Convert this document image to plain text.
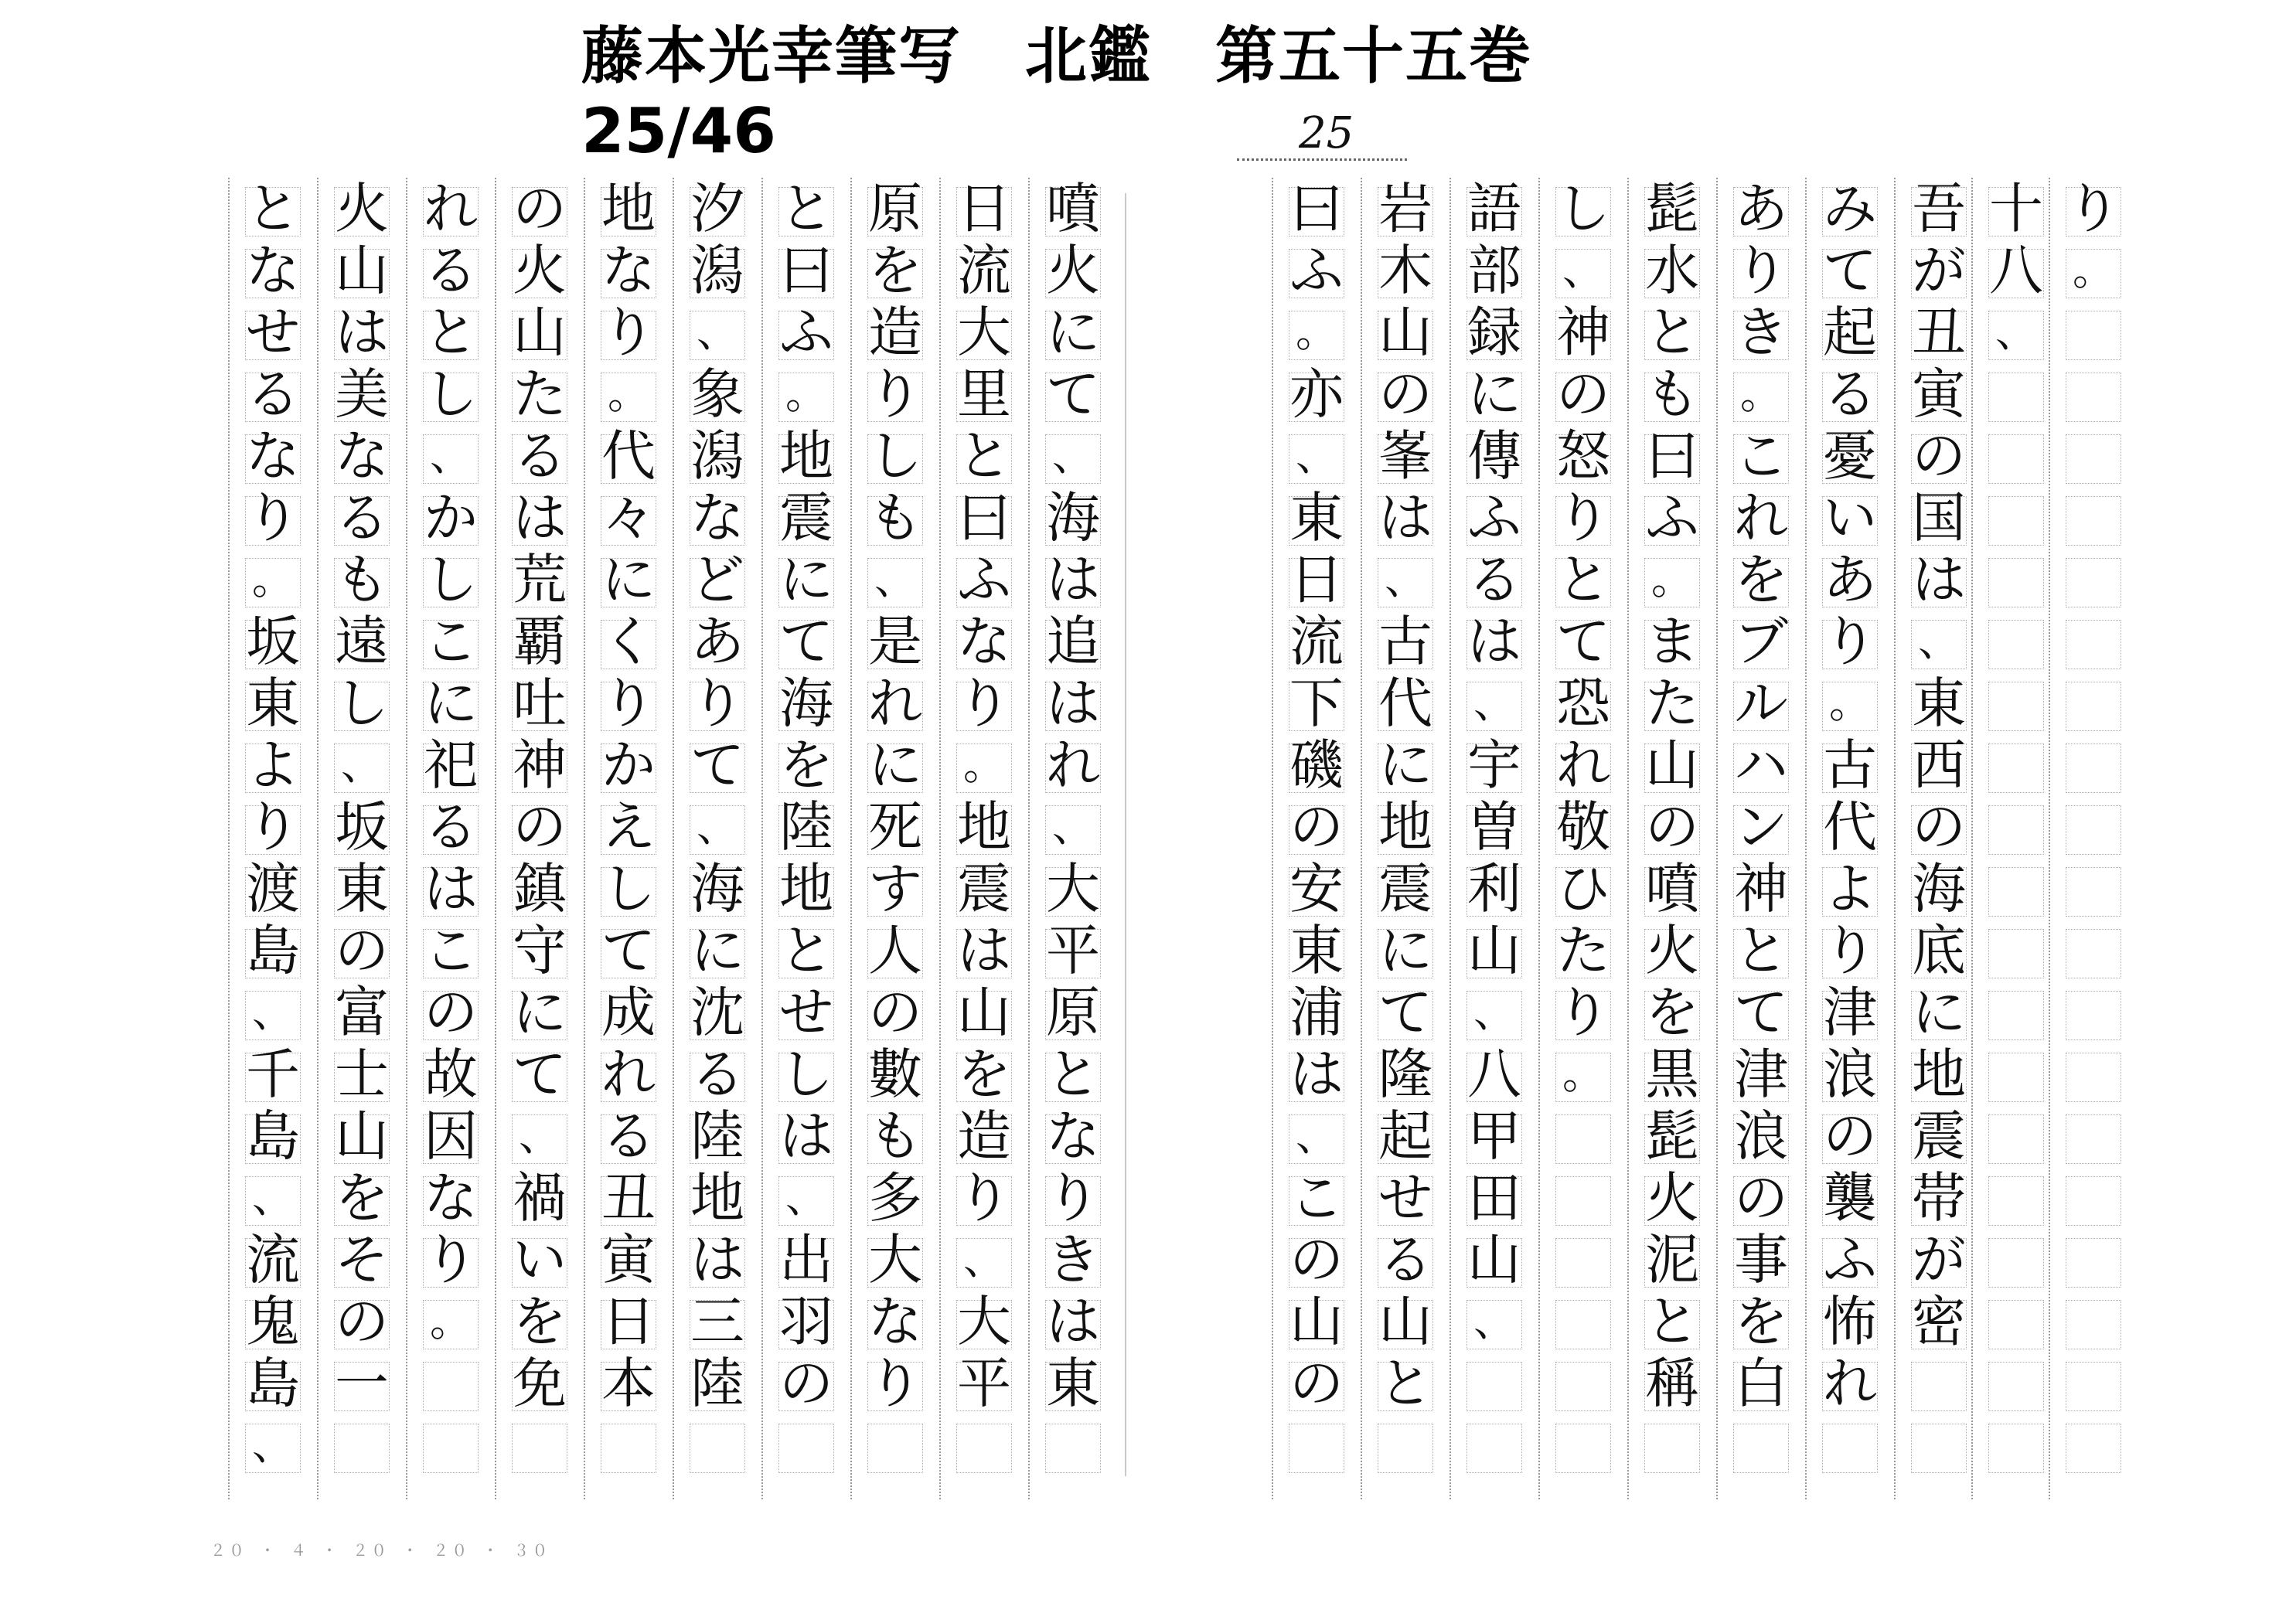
藤本光幸筆写　北鑑　第五十五巻
25/46	25
り
。
十
八
、
吾
が
丑
寅
の
国
は
、
東
西
の
海
底
に
地
震
帯
が
密
み
て
起
る
憂
い
あ
り
。
古
代
よ
り
津
浪
の
襲
ふ
怖
れ
あ
り
き
。
こ
れ
を
ブ
ル
ハ
ン
神
と
て
津
浪
の
事
を
白
髭
水
と
も
曰
ふ
。
ま
た
山
の
噴
火
を
黒
髭
火
泥
と
稱
し
、
神
の
怒
り
と
て
恐
れ
敬
ひ
た
り
。
語
部
録
に
傳
ふ
る
は
、
宇
曽
利
山
、
八
甲
田
山
、
岩
木
山
の
峯
は
、
古
代
に
地
震
に
て
隆
起
せ
る
山
と
曰
ふ
。
亦
、
東
日
流
下
磯
の
安
東
浦
は
、
こ
の
山
の
噴
火
に
て
、
海
は
追
は
れ
、
大
平
原
と
な
り
き
は
東
日
流
大
里
と
曰
ふ
な
り
。
地
震
は
山
を
造
り
、
大
平
原
を
造
り
し
も
、
是
れ
に
死
す
人
の
數
も
多
大
な
り
と
曰
ふ
。
地
震
に
て
海
を
陸
地
と
せ
し
は
、
出
羽
の
汐
潟
、
象
潟
な
ど
あ
り
て
、
海
に
沈
る
陸
地
は
三
陸
地
な
り
。
代
々
に
く
り
か
え
し
て
成
れ
る
丑
寅
日
本
の
火
山
た
る
は
荒
覇
吐
神
の
鎮
守
に
て
、
禍
い
を
免
れ
る
と
し
、
か
し
こ
に
祀
る
は
こ
の
故
因
な
り
。
火
山
は
美
な
る
も
遠
し
、
坂
東
の
富
士
山
を
そ
の
一
と
な
せ
る
な
り
。
坂
東
よ
り
渡
島
、
千
島
、
流
鬼
島
、
２０ ・ ４ ・ ２０ ・ ２０ ・ ３０
